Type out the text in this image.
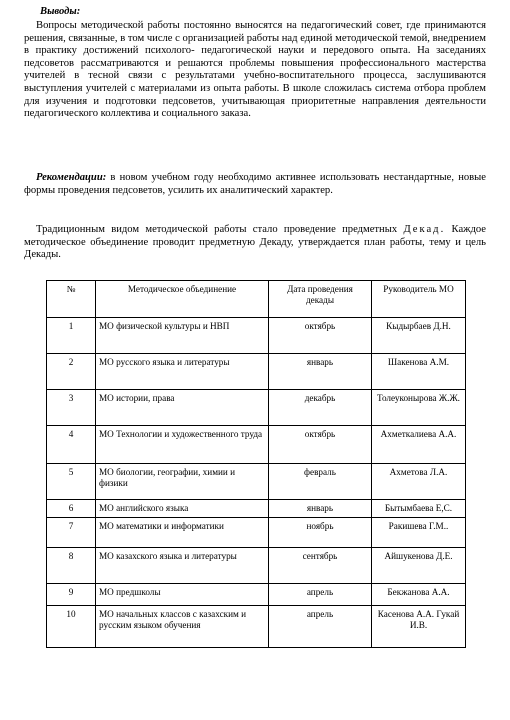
Выводы:

Вопросы методической работы постоянно выносятся на педагогический совет, где принимаются решения, связанные, в том числе с организацией работы над единой методической темой, внедрением в практику достижений психолого- педагогической науки и передового опыта. На заседаниях педсоветов рассматриваются и решаются проблемы повышения профессионального мастерства учителей в тесной связи с результатами учебно-воспитательного процесса, заслушиваются выступления учителей с материалами из опыта работы. В школе сложилась система отбора проблем для изучения и подготовки педсоветов, учитывающая приоритетные направления деятельности педагогического коллектива и социального заказа.

Рекомендации: в новом учебном году необходимо активнее использовать нестандартные, новые формы проведения педсоветов, усилить их аналитический характер.

Традиционным видом методической работы стало проведение предметных Декад. Каждое методическое объединение проводит предметную Декаду, утверждается план работы, тему и цель Декады.

№	Методическое объединение	Дата проведения декады	Руководитель МО
1	МО физической культуры и НВП	октябрь	Кыдырбаев Д.Н.
2	МО русского языка и литературы	январь	Шакенова А.М.
3	МО истории, права	декабрь	Толеуконырова Ж.Ж.
4	МО Технологии и художественного труда	октябрь	Ахметкалиева А.А.
5	МО биологии, географии, химии и физики	февраль	Ахметова Л.А.
6	МО английского языка	январь	Бытымбаева Е,С.
7	МО математики и информатики	ноябрь	Ракишева Г.М..
8	МО казахского языка и литературы	сентябрь	Айшукенова Д.Е.
9	МО предшколы	апрель	Бекжанова А.А.
10	МО начальных классов с казахским и русским языком обучения	апрель	Касенова А.А. Гукай И.В.
